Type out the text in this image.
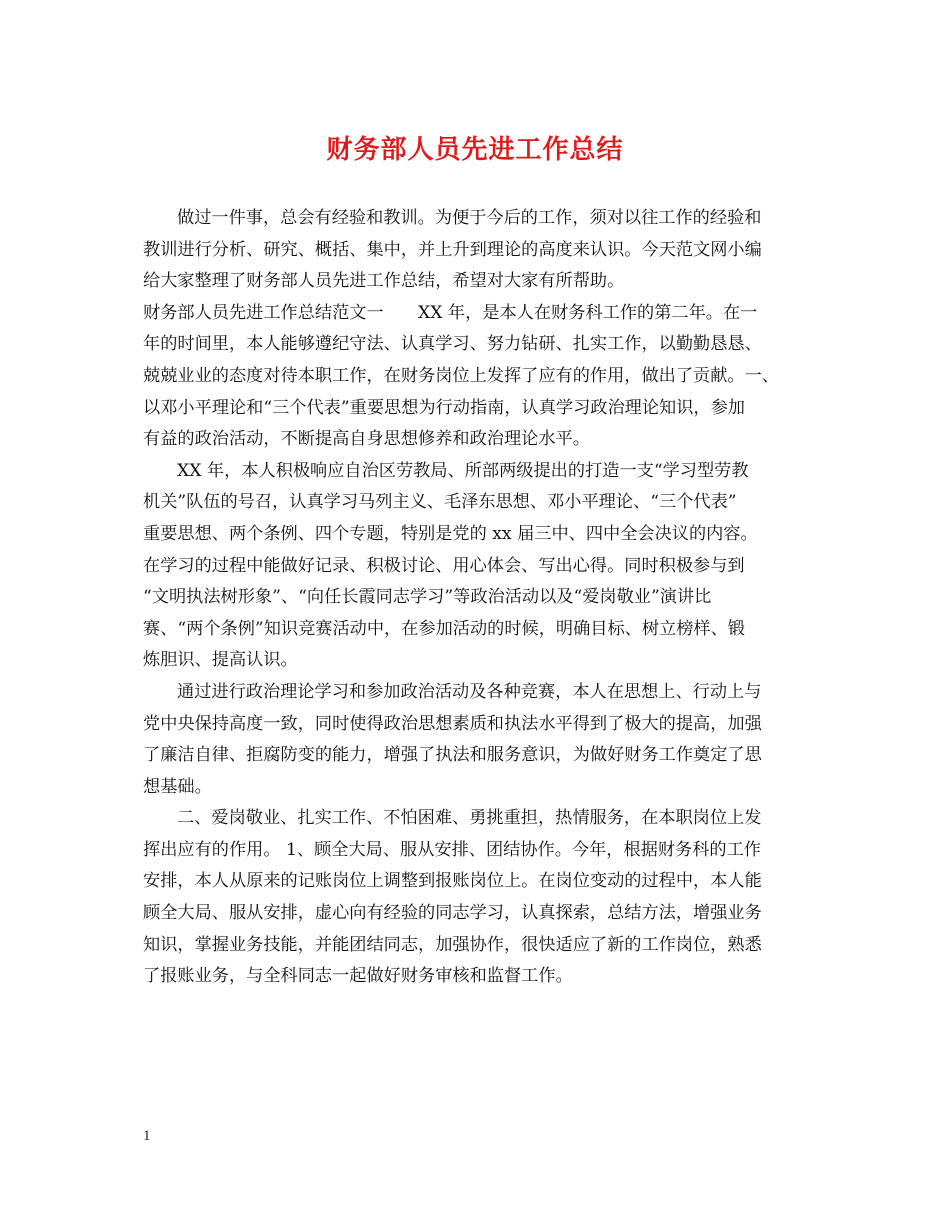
财务部人员先进工作总结
做过一件事，总会有经验和教训。为便于今后的工作，须对以往工作的经验和
教训进行分析、研究、概括、集中，并上升到理论的高度来认识。今天范文网小编
给大家整理了财务部人员先进工作总结，希望对大家有所帮助。
财务部人员先进工作总结范文一　　XX 年，是本人在财务科工作的第二年。在一
年的时间里，本人能够遵纪守法、认真学习、努力钻研、扎实工作，以勤勤恳恳、
兢兢业业的态度对待本职工作，在财务岗位上发挥了应有的作用，做出了贡献。一、
以邓小平理论和“三个代表”重要思想为行动指南，认真学习政治理论知识，参加
有益的政治活动，不断提高自身思想修养和政治理论水平。
XX 年，本人积极响应自治区劳教局、所部两级提出的打造一支“学习型劳教
机关”队伍的号召，认真学习马列主义、毛泽东思想、邓小平理论、“三个代表”
重要思想、两个条例、四个专题，特别是党的 xx 届三中、四中全会决议的内容。
在学习的过程中能做好记录、积极讨论、用心体会、写出心得。同时积极参与到
“文明执法树形象”、“向任长霞同志学习”等政治活动以及“爱岗敬业”演讲比
赛、“两个条例”知识竞赛活动中，在参加活动的时候，明确目标、树立榜样、锻
炼胆识、提高认识。
通过进行政治理论学习和参加政治活动及各种竞赛，本人在思想上、行动上与
党中央保持高度一致，同时使得政治思想素质和执法水平得到了极大的提高，加强
了廉洁自律、拒腐防变的能力，增强了执法和服务意识，为做好财务工作奠定了思
想基础。
二、爱岗敬业、扎实工作、不怕困难、勇挑重担，热情服务，在本职岗位上发
挥出应有的作用。 1、顾全大局、服从安排、团结协作。今年，根据财务科的工作
安排，本人从原来的记账岗位上调整到报账岗位上。在岗位变动的过程中，本人能
顾全大局、服从安排，虚心向有经验的同志学习，认真探索，总结方法，增强业务
知识，掌握业务技能，并能团结同志，加强协作，很快适应了新的工作岗位，熟悉
了报账业务，与全科同志一起做好财务审核和监督工作。
1
